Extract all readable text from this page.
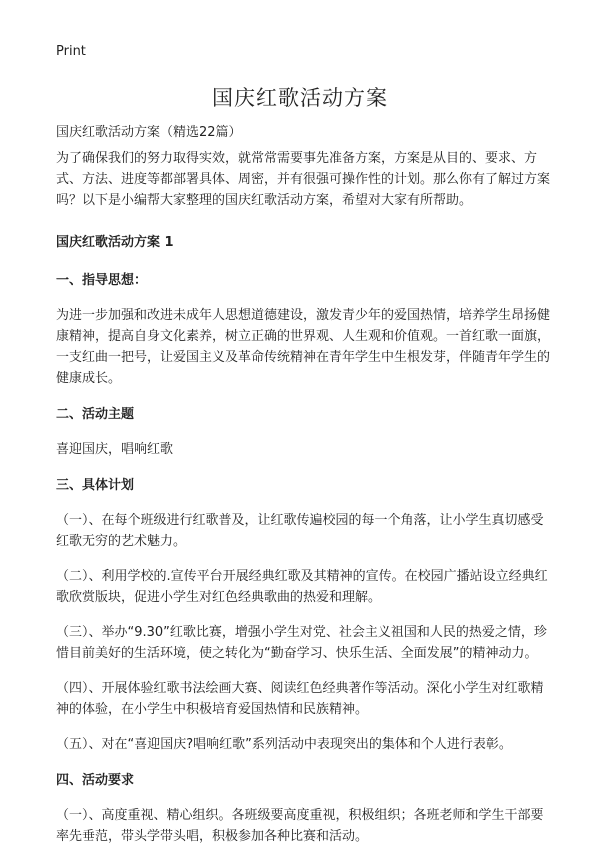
Print
国庆红歌活动方案

国庆红歌活动方案（精选22篇）

为了确保我们的努力取得实效，就常常需要事先准备方案，方案是从目的、要求、方式、方法、进度等都部署具体、周密，并有很强可操作性的计划。那么你有了解过方案吗？以下是小编帮大家整理的国庆红歌活动方案，希望对大家有所帮助。

国庆红歌活动方案 1

一、指导思想：

为进一步加强和改进未成年人思想道德建设，激发青少年的爱国热情，培养学生昂扬健康精神，提高自身文化素养，树立正确的世界观、人生观和价值观。一首红歌一面旗，一支红曲一把号，让爱国主义及革命传统精神在青年学生中生根发芽，伴随青年学生的健康成长。

二、活动主题

喜迎国庆，唱响红歌

三、具体计划

（一）、在每个班级进行红歌普及，让红歌传遍校园的每一个角落，让小学生真切感受红歌无穷的艺术魅力。

（二）、利用学校的.宣传平台开展经典红歌及其精神的宣传。在校园广播站设立经典红歌欣赏版块，促进小学生对红色经典歌曲的热爱和理解。

（三）、举办“9.30”红歌比赛，增强小学生对党、社会主义祖国和人民的热爱之情，珍惜目前美好的生活环境，使之转化为“勤奋学习、快乐生活、全面发展”的精神动力。

（四）、开展体验红歌书法绘画大赛、阅读红色经典著作等活动。深化小学生对红歌精神的体验，在小学生中积极培育爱国热情和民族精神。

（五）、对在“喜迎国庆?唱响红歌”系列活动中表现突出的集体和个人进行表彰。

四、活动要求

（一）、高度重视、精心组织。各班级要高度重视，积极组织；各班老师和学生干部要率先垂范，带头学带头唱，积极参加各种比赛和活动。
